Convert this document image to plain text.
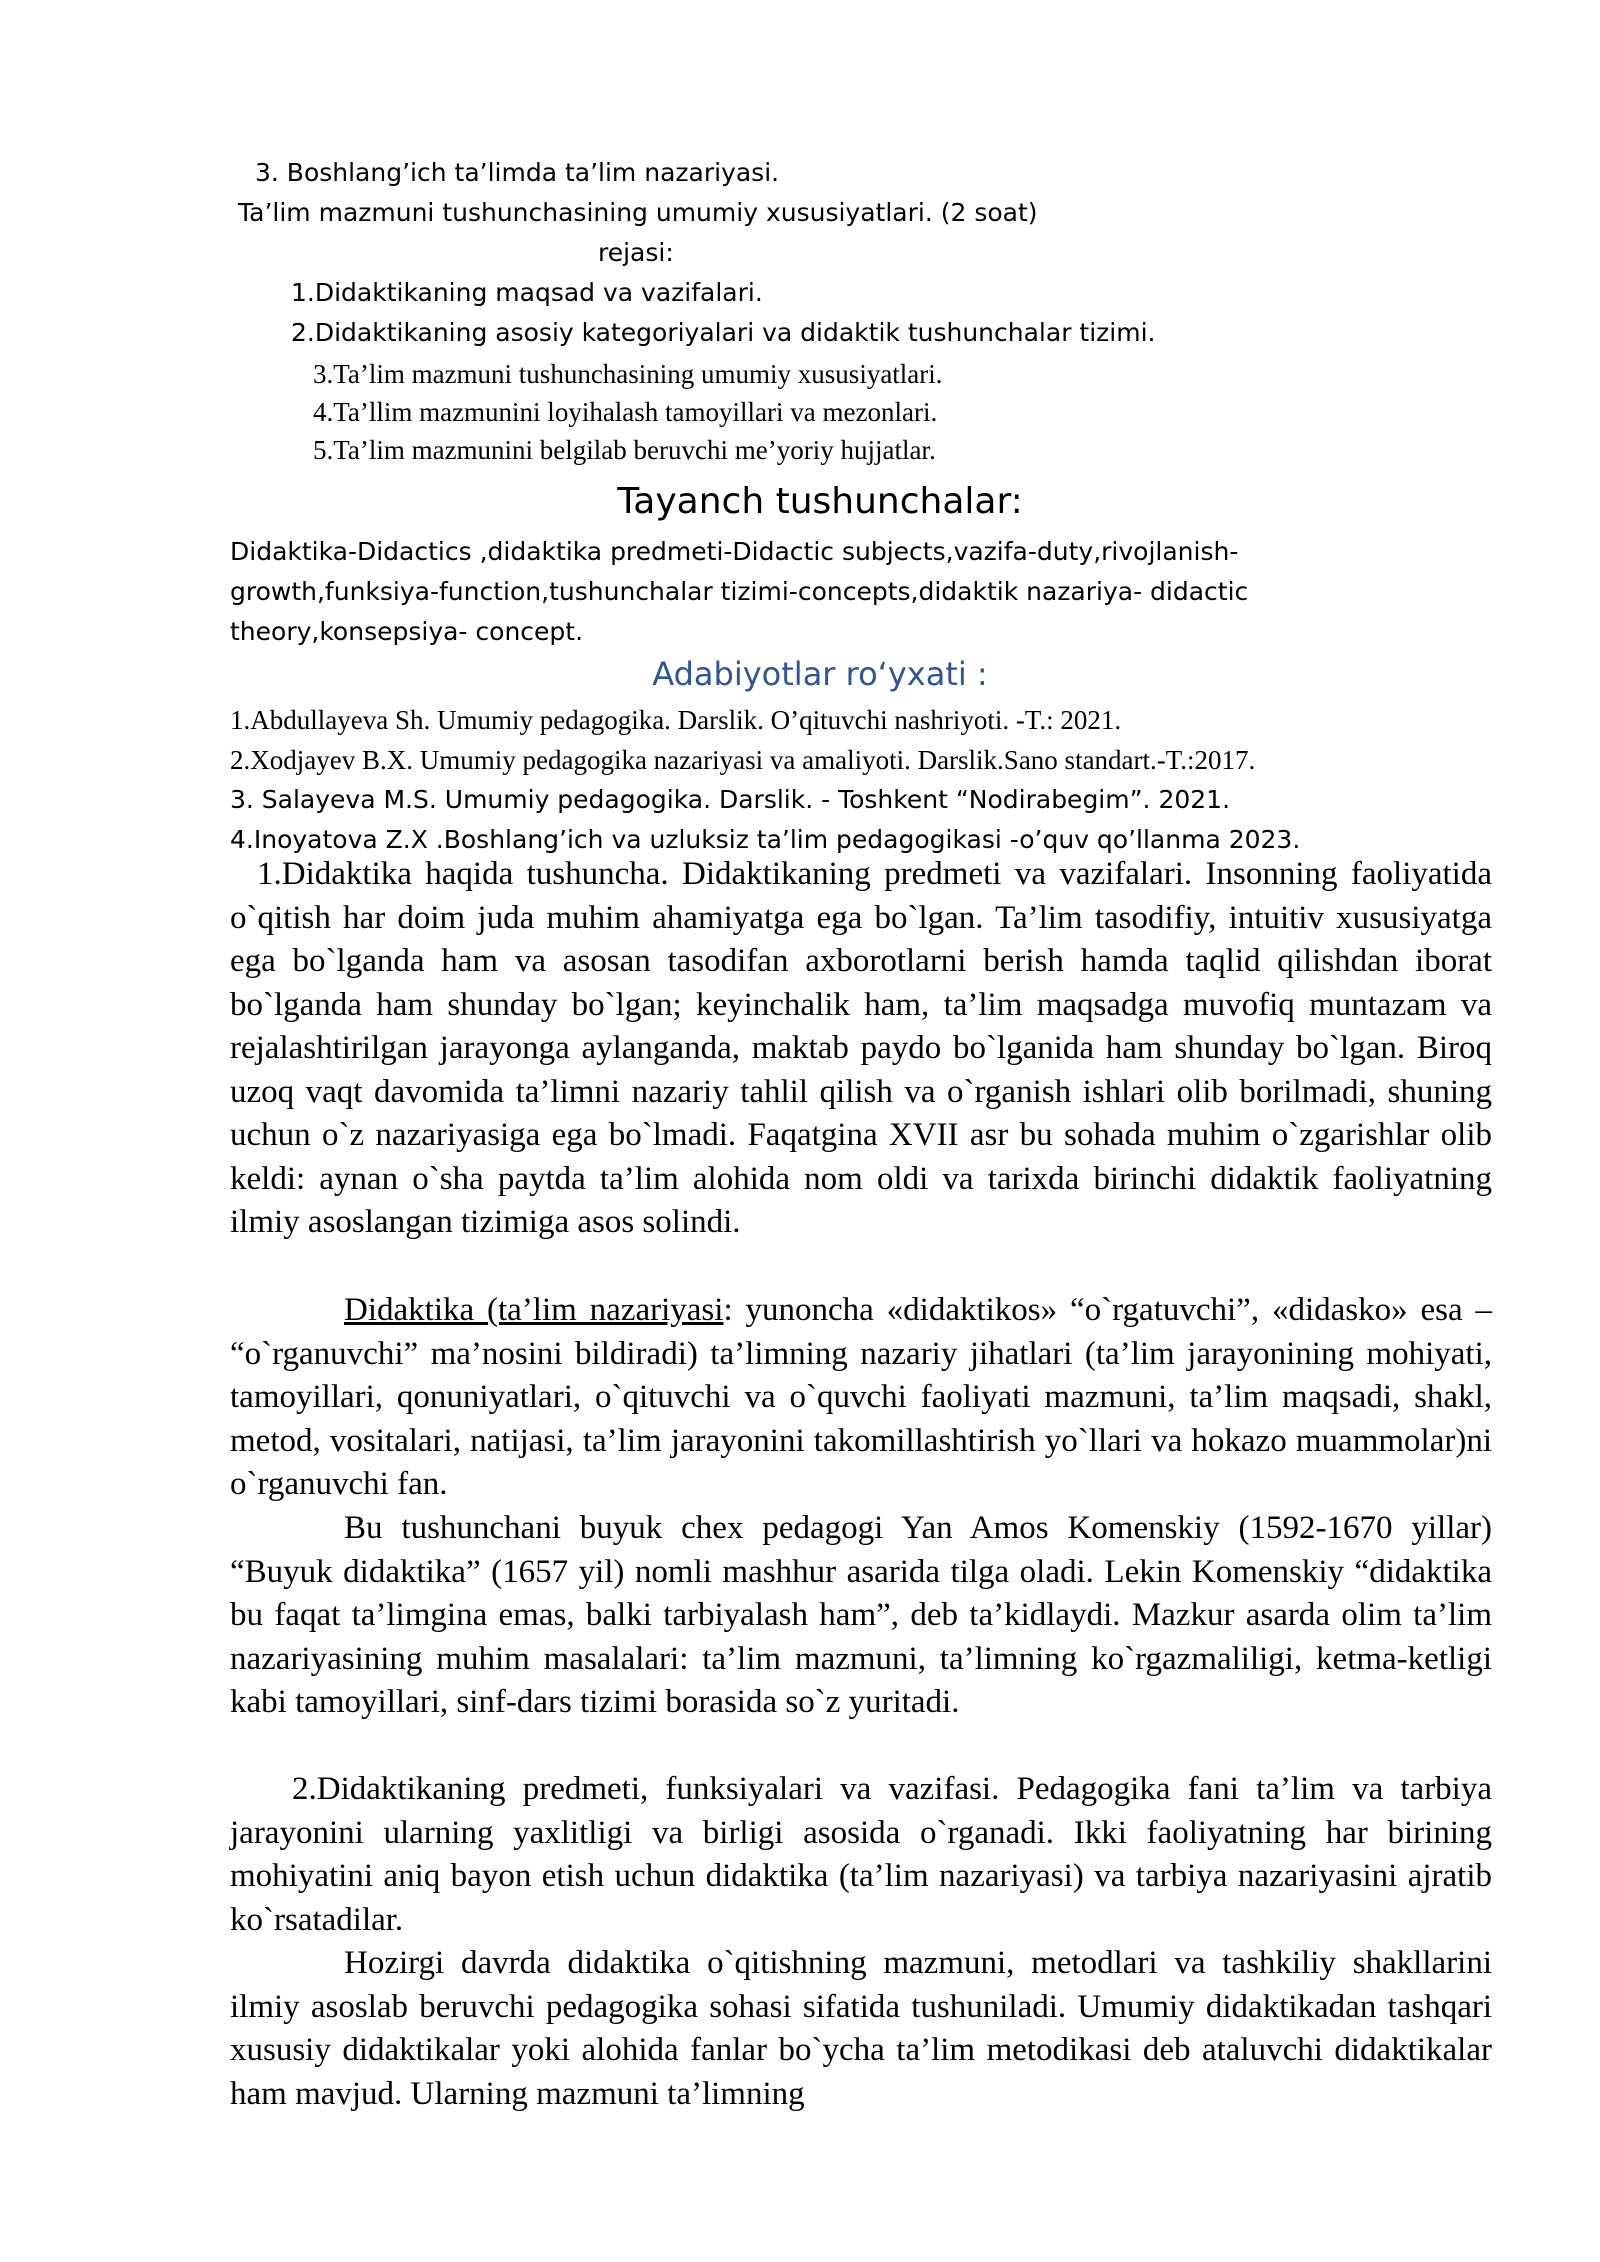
3. Boshlang’ich ta’limda ta’lim nazariyasi.
Ta’lim mazmuni tushunchasining umumiy xususiyatlari. (2 soat)
rejasi:
1.Didaktikaning maqsad va vazifalari.
2.Didaktikaning asosiy kategoriyalari va didaktik tushunchalar tizimi.
3.Ta’lim mazmuni tushunchasining umumiy xususiyatlari.
4.Ta’llim mazmunini loyihalash tamoyillari va mezonlari.
5.Ta’lim mazmunini belgilab beruvchi me’yoriy hujjatlar.
Tayanch tushunchalar:
Didaktika-Didactics ,didaktika predmeti-Didactic subjects,vazifa-duty,rivojlanish-growth,funksiya-function,tushunchalar tizimi-concepts,didaktik nazariya- didactic theory,konsepsiya- concept.
Adabiyotlar ro‘yxati :
1.Abdullayeva Sh. Umumiy pedagogika. Darslik. O’qituvchi nashriyoti. -T.: 2021.
2.Xodjayev B.X. Umumiy pedagogika nazariyasi va amaliyoti. Darslik.Sano standart.-T.:2017.
3. Salayeva M.S. Umumiy pedagogika. Darslik. - Toshkent “Nodirabegim”. 2021.
4.Inoyatova Z.X .Boshlang’ich va uzluksiz ta’lim pedagogikasi -o’quv qo’llanma 2023.
1.Didaktika haqida tushuncha. Didaktikaning predmeti va vazifalari. Insonning faoliyatida o`qitish har doim juda muhim ahamiyatga ega bo`lgan. Ta’lim tasodifiy, intuitiv xususiyatga ega bo`lganda ham va asosan tasodifan axborotlarni berish hamda taqlid qilishdan iborat bo`lganda ham shunday bo`lgan; keyinchalik ham, ta’lim maqsadga muvofiq muntazam va rejalashtirilgan jarayonga aylanganda, maktab paydo bo`lganida ham shunday bo`lgan. Biroq uzoq vaqt davomida ta’limni nazariy tahlil qilish va o`rganish ishlari olib borilmadi, shuning uchun o`z nazariyasiga ega bo`lmadi. Faqatgina XVII asr bu sohada muhim o`zgarishlar olib keldi: aynan o`sha paytda ta’lim alohida nom oldi va tarixda birinchi didaktik faoliyatning ilmiy asoslangan tizimiga asos solindi.
Didaktika (ta’lim nazariyasi: yunoncha «didaktikos» “o`rgatuvchi”, «didasko» esa – “o`rganuvchi” ma’nosini bildiradi) ta’limning nazariy jihatlari (ta’lim jarayonining mohiyati, tamoyillari, qonuniyatlari, o`qituvchi va o`quvchi faoliyati mazmuni, ta’lim maqsadi, shakl, metod, vositalari, natijasi, ta’lim jarayonini takomillashtirish yo`llari va hokazo muammolar)ni o`rganuvchi fan.
Bu tushunchani buyuk chex pedagogi Yan Amos Komenskiy (1592-1670 yillar) “Buyuk didaktika” (1657 yil) nomli mashhur asarida tilga oladi. Lekin Komenskiy “didaktika bu faqat ta’limgina emas, balki tarbiyalash ham”, deb ta’kidlaydi. Mazkur asarda olim ta’lim nazariyasining muhim masalalari: ta’lim mazmuni, ta’limning ko`rgazmaliligi, ketma-ketligi kabi tamoyillari, sinf-dars tizimi borasida so`z yuritadi.
2.Didaktikaning predmeti, funksiyalari va vazifasi. Pedagogika fani ta’lim va tarbiya jarayonini ularning yaxlitligi va birligi asosida o`rganadi. Ikki faoliyatning har birining mohiyatini aniq bayon etish uchun didaktika (ta’lim nazariyasi) va tarbiya nazariyasini ajratib ko`rsatadilar.
Hozirgi davrda didaktika o`qitishning mazmuni, metodlari va tashkiliy shakllarini ilmiy asoslab beruvchi pedagogika sohasi sifatida tushuniladi. Umumiy didaktikadan tashqari xususiy didaktikalar yoki alohida fanlar bo`ycha ta’lim metodikasi deb ataluvchi didaktikalar ham mavjud. Ularning mazmuni ta’limning
